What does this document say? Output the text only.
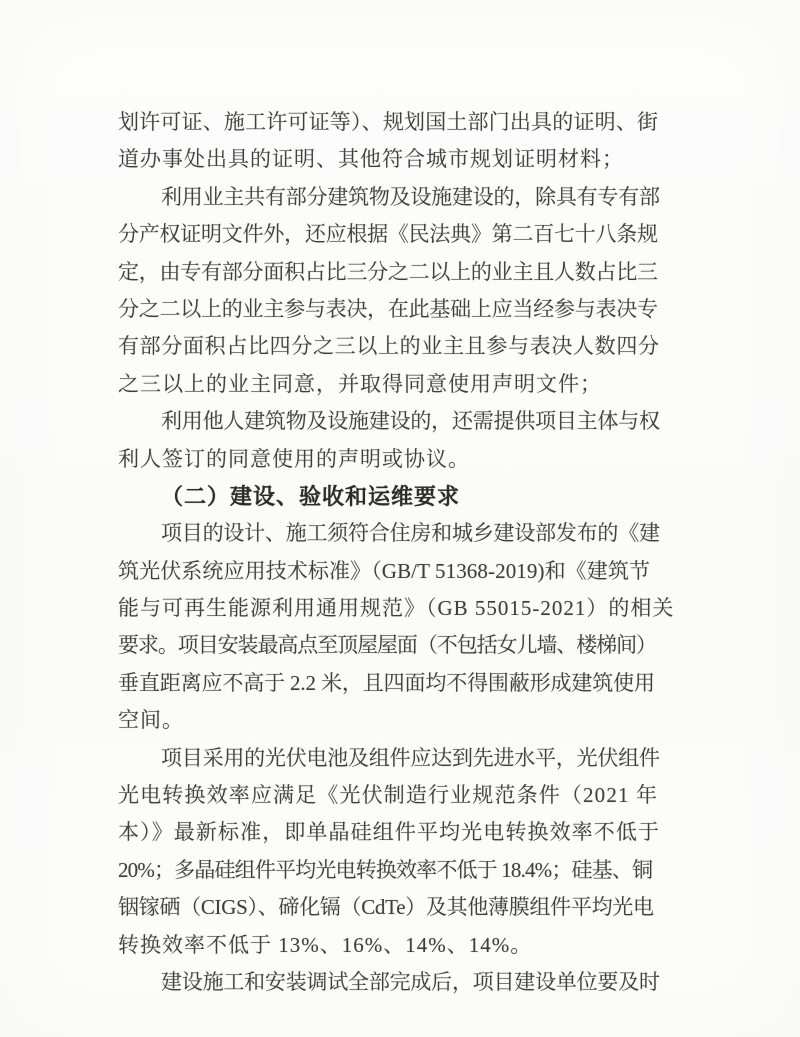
划许可证、施工许可证等）、规划国土部门出具的证明、街
道办事处出具的证明、其他符合城市规划证明材料；
利用业主共有部分建筑物及设施建设的，除具有专有部
分产权证明文件外，还应根据《民法典》第二百七十八条规
定，由专有部分面积占比三分之二以上的业主且人数占比三
分之二以上的业主参与表决，在此基础上应当经参与表决专
有部分面积占比四分之三以上的业主且参与表决人数四分
之三以上的业主同意，并取得同意使用声明文件；
利用他人建筑物及设施建设的，还需提供项目主体与权
利人签订的同意使用的声明或协议。
（二）建设、验收和运维要求
项目的设计、施工须符合住房和城乡建设部发布的《建
筑光伏系统应用技术标准》（GB/T 51368-2019)和《建筑节
能与可再生能源利用通用规范》（GB 55015-2021）的相关
要求。项目安装最高点至顶屋屋面（不包括女儿墙、楼梯间）
垂直距离应不高于 2.2 米，且四面均不得围蔽形成建筑使用
空间。
项目采用的光伏电池及组件应达到先进水平，光伏组件
光电转换效率应满足《光伏制造行业规范条件（2021 年
本）》最新标准，即单晶硅组件平均光电转换效率不低于
20%；多晶硅组件平均光电转换效率不低于 18.4%；硅基、铜
铟镓硒（CIGS）、碲化镉（CdTe）及其他薄膜组件平均光电
转换效率不低于 13%、16%、14%、14%。
建设施工和安装调试全部完成后，项目建设单位要及时
